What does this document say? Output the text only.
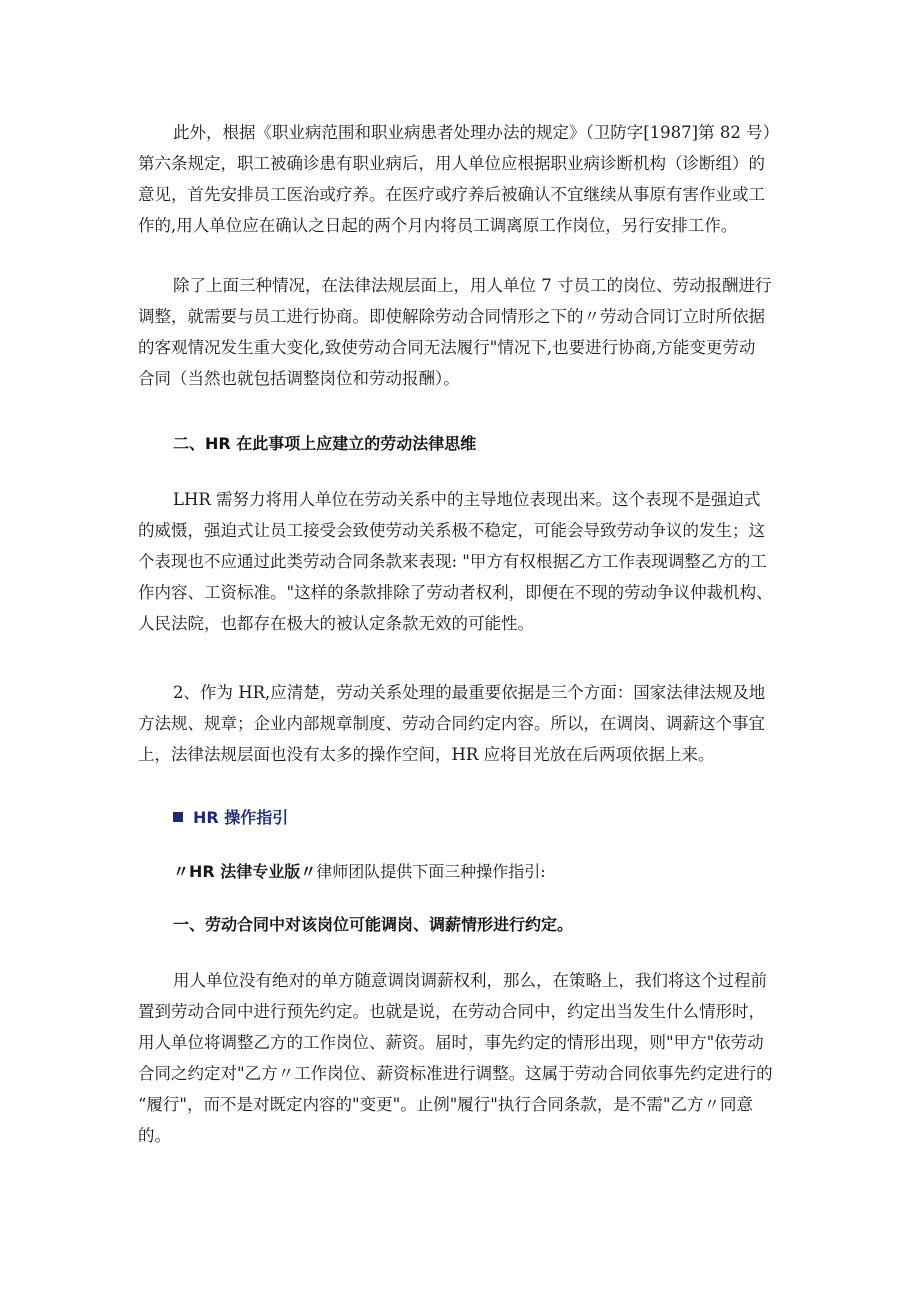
此外，根据《职业病范围和职业病患者处理办法的规定》（卫防字[1987]第 82 号）
第六条规定，职工被确诊患有职业病后，用人单位应根据职业病诊断机构（诊断组）的
意见，首先安排员工医治或疗养。在医疗或疗养后被确认不宜继续从事原有害作业或工
作的,用人单位应在确认之日起的两个月内将员工调离原工作岗位，另行安排工作。

除了上面三种情况，在法律法规层面上，用人单位 7 寸员工的岗位、劳动报酬进行
调整，就需要与员工进行协商。即使解除劳动合同情形之下的〃劳动合同订立时所依据
的客观情况发生重大变化,致使劳动合同无法履行"情况下,也要进行协商,方能变更劳动
合同（当然也就包括调整岗位和劳动报酬）。

二、HR 在此事项上应建立的劳动法律思维

LHR 需努力将用人单位在劳动关系中的主导地位表现出来。这个表现不是强迫式
的威慑，强迫式让员工接受会致使劳动关系极不稳定，可能会导致劳动争议的发生；这
个表现也不应通过此类劳动合同条款来表现: "甲方有权根据乙方工作表现调整乙方的工
作内容、工资标准。"这样的条款排除了劳动者权利，即便在不现的劳动争议仲裁机构、
人民法院，也都存在极大的被认定条款无效的可能性。

2、作为 HR,应清楚，劳动关系处理的最重要依据是三个方面：国家法律法规及地
方法规、规章；企业内部规章制度、劳动合同约定内容。所以，在调岗、调薪这个事宜
上，法律法规层面也没有太多的操作空间，HR 应将目光放在后两项依据上来。

HR 操作指引

〃HR 法律专业版〃律师团队提供下面三种操作指引:

一、劳动合同中对该岗位可能调岗、调薪情形进行约定。

用人单位没有绝对的单方随意调岗调薪权利，那么，在策略上，我们将这个过程前
置到劳动合同中进行预先约定。也就是说，在劳动合同中，约定出当发生什么情形时，
用人单位将调整乙方的工作岗位、薪资。届时，事先约定的情形出现，则"甲方"依劳动
合同之约定对"乙方〃工作岗位、薪资标准进行调整。这属于劳动合同依事先约定进行的
“履行"，而不是对既定内容的"变更"。止例"履行"执行合同条款，是不需"乙方〃同意
的。
